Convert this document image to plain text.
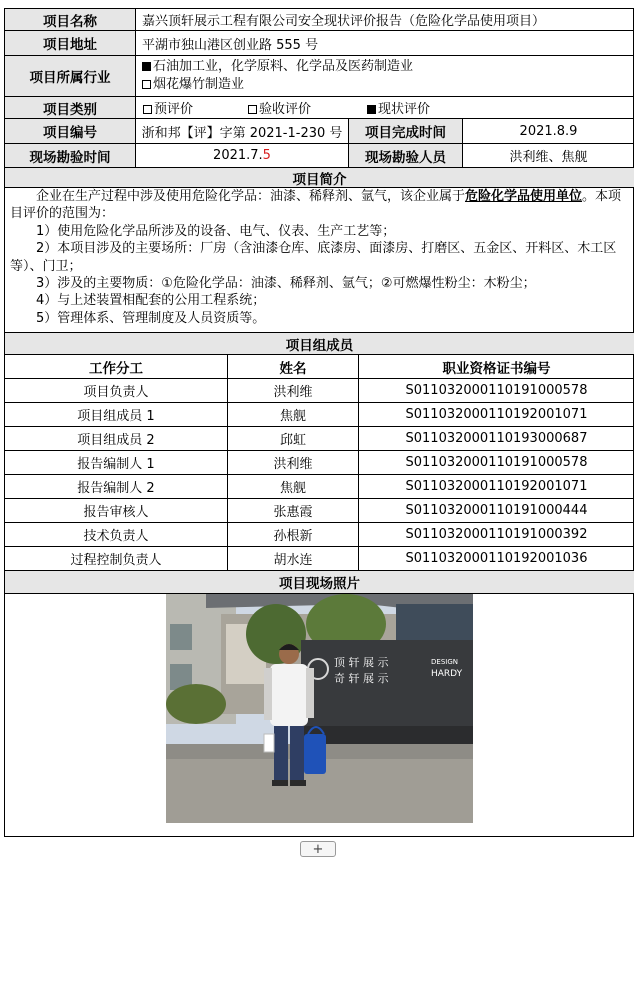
项目名称	嘉兴顶轩展示工程有限公司安全现状评价报告（危险化学品使用项目）
项目地址	平湖市独山港区创业路 555 号
项目所属行业
石油加工业，化学原料、化学品及医药制造业
烟花爆竹制造业
项目类别	预评价	验收评价	现状评价
项目编号	浙和邦【评】字第 2021-1-230 号	项目完成时间	2021.8.9
现场勘验时间	2021.7. 5	现场勘验人员	洪利维、焦舰
项目简介

企业在生产过程中涉及使用危险化学品：油漆、稀释剂、氩气，该企业属于危险化学品使用单位。本项目评价的范围为：

1）使用危险化学品所涉及的设备、电气、仪表、生产工艺等；

2）本项目涉及的主要场所：厂房（含油漆仓库、底漆房、面漆房、打磨区、五金区、开料区、木工区等）、门卫；

3）涉及的主要物质：①危险化学品：油漆、稀释剂、氩气；②可燃爆性粉尘：木粉尘；

4）与上述装置相配套的公用工程系统；

5）管理体系、管理制度及人员资质等。

项目组成员
工作分工	姓名	职业资格证书编号
项目负责人	洪利维	S011032000110191000578
项目组成员 1	焦舰	S011032000110192001071
项目组成员 2	邱虹	S011032000110193000687
报告编制人 1	洪利维	S011032000110191000578
报告编制人 2	焦舰	S011032000110192001071
报告审核人	张惠霞	S011032000110191000444
技术负责人	孙根新	S011032000110191000392
过程控制负责人	胡水连	S011032000110192001036
项目现场照片
顶 轩 展 示
奇 轩 展 示
DESIGN
HARDY
+
